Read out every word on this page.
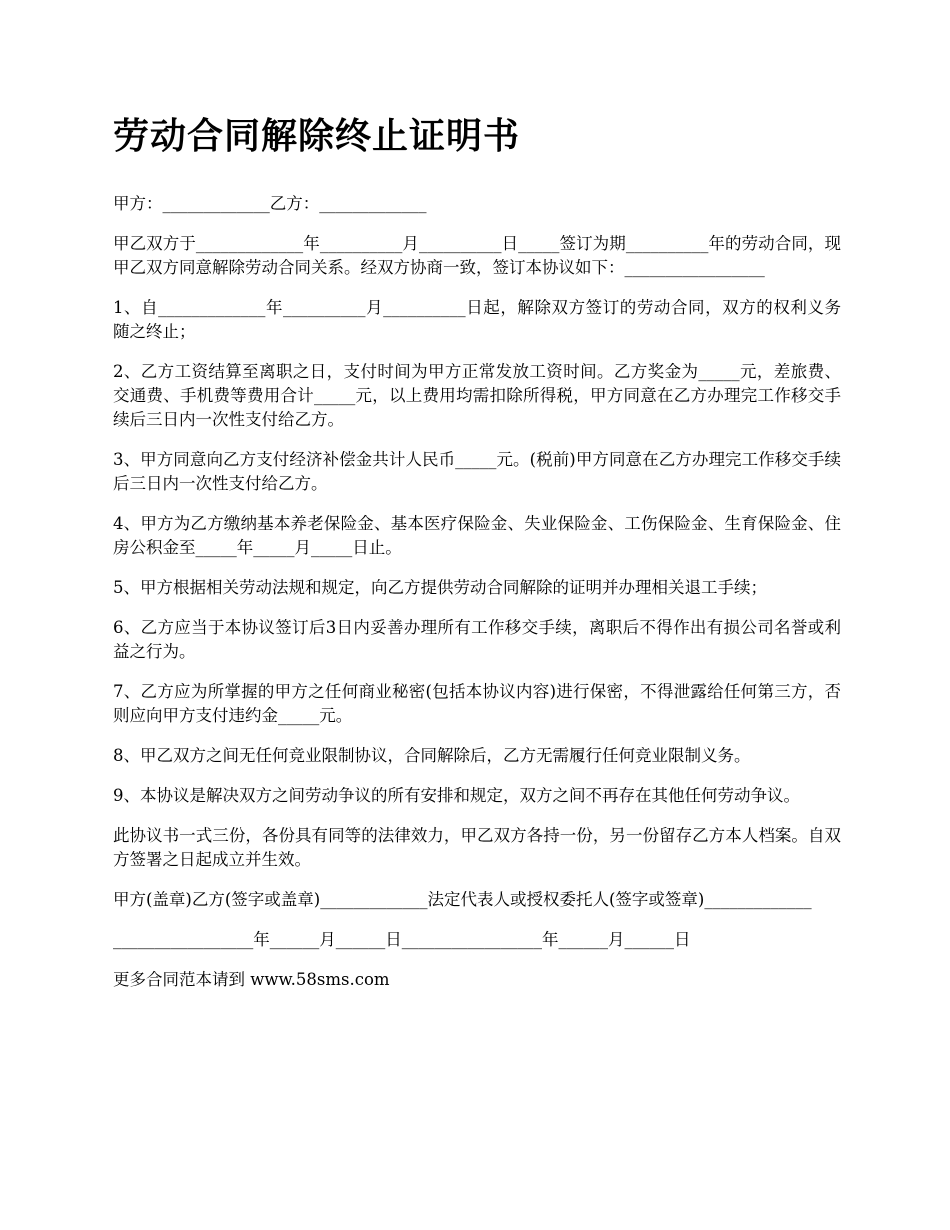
劳动合同解除终止证明书

甲方：_____________乙方：_____________

甲乙双方于_____________年__________月__________日_____签订为期__________年的劳动合同，现甲乙双方同意解除劳动合同关系。经双方协商一致，签订本协议如下：_________________

1、自_____________年__________月__________日起，解除双方签订的劳动合同，双方的权利义务随之终止；

2、乙方工资结算至离职之日，支付时间为甲方正常发放工资时间。乙方奖金为_____元，差旅费、交通费、手机费等费用合计_____元，以上费用均需扣除所得税，甲方同意在乙方办理完工作移交手续后三日内一次性支付给乙方。

3、甲方同意向乙方支付经济补偿金共计人民币_____元。(税前)甲方同意在乙方办理完工作移交手续后三日内一次性支付给乙方。

4、甲方为乙方缴纳基本养老保险金、基本医疗保险金、失业保险金、工伤保险金、生育保险金、住房公积金至_____年_____月_____日止。

5、甲方根据相关劳动法规和规定，向乙方提供劳动合同解除的证明并办理相关退工手续；

6、乙方应当于本协议签订后3日内妥善办理所有工作移交手续，离职后不得作出有损公司名誉或利益之行为。

7、乙方应为所掌握的甲方之任何商业秘密(包括本协议内容)进行保密，不得泄露给任何第三方，否则应向甲方支付违约金_____元。

8、甲乙双方之间无任何竞业限制协议，合同解除后，乙方无需履行任何竞业限制义务。

9、本协议是解决双方之间劳动争议的所有安排和规定，双方之间不再存在其他任何劳动争议。

此协议书一式三份，各份具有同等的法律效力，甲乙双方各持一份，另一份留存乙方本人档案。自双方签署之日起成立并生效。

甲方(盖章)乙方(签字或盖章)_____________法定代表人或授权委托人(签字或签章)_____________

_________________年______月______日_________________年______月______日

更多合同范本请到 www.58sms.com
